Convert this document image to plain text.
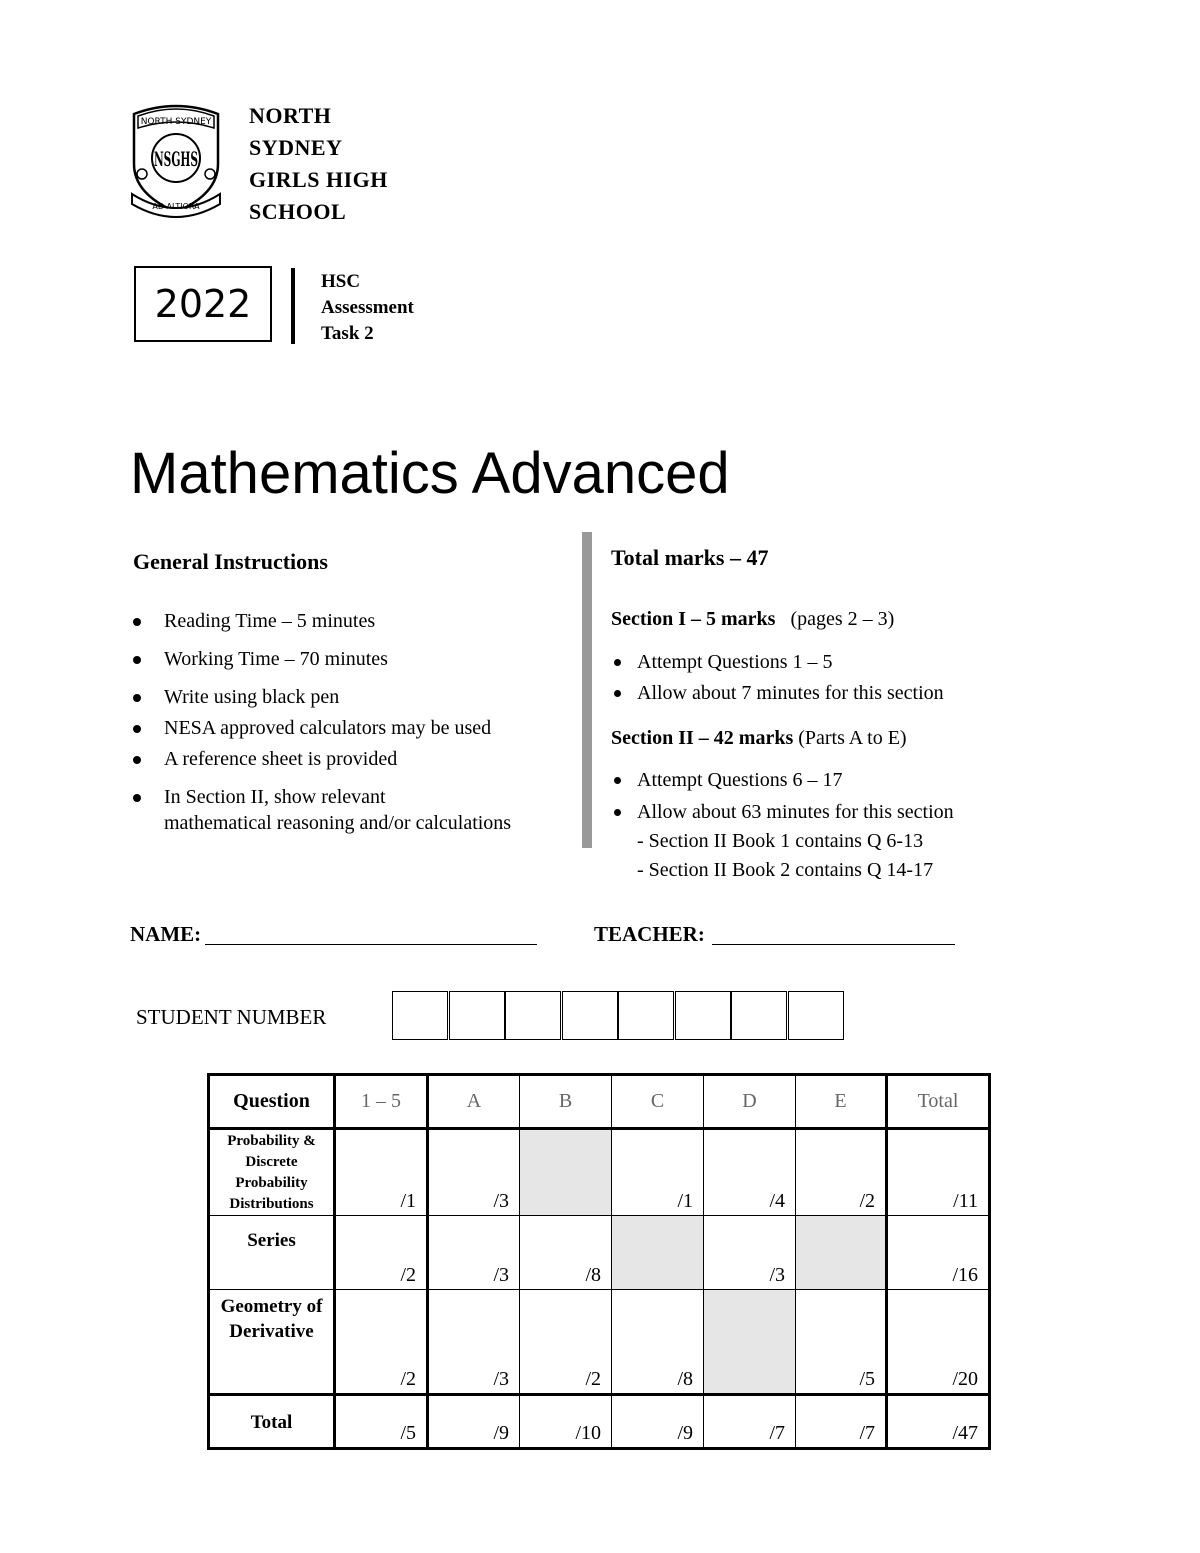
NORTH SYDNEY
NSGHS
AD ALTIORA
NORTH
SYDNEY
GIRLS HIGH
SCHOOL
2022
HSC
Assessment
Task 2
Mathematics Advanced
General Instructions
Reading Time – 5 minutes
Working Time – 70 minutes
Write using black pen
NESA approved calculators may be used
A reference sheet is provided
In Section II, show relevant
mathematical reasoning and/or calculations
Total marks – 47
Section I – 5 marks (pages 2 – 3)
Attempt Questions 1 – 5
Allow about 7 minutes for this section
Section II – 42 marks (Parts A to E)
Attempt Questions 6 – 17
Allow about 63 minutes for this section
- Section II Book 1 contains Q 6-13
- Section II Book 2 contains Q 14-17
NAME:	TEACHER:
STUDENT NUMBER
Question	1 – 5	A	B	C	D	E	Total
Probability & Discrete Probability Distributions	/1	/3		/1	/4	/2	/11

Series	/2	/3	/8		/3		/16

Geometry of Derivative	/2	/3	/2	/8		/5	/20

Total	/5	/9	/10	/9	/7	/7	/47
